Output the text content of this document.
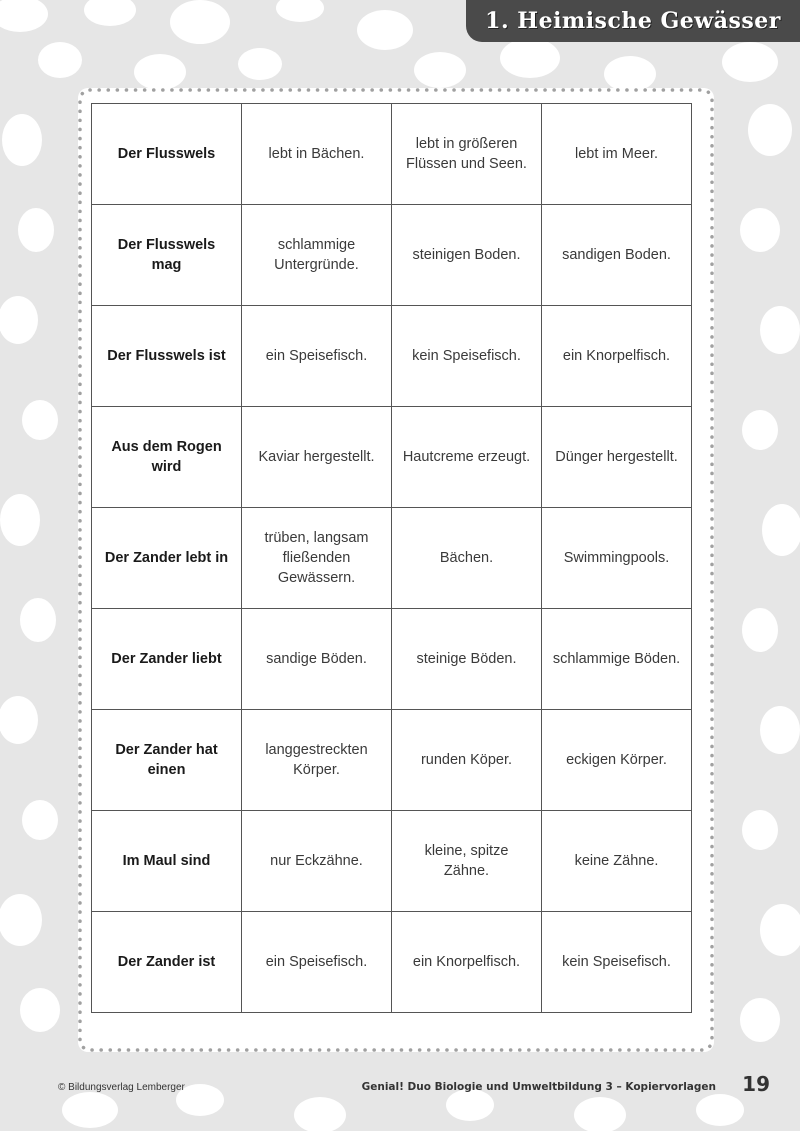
1. Heimische Gewässer
Der Flusswels	lebt in Bächen.	lebt in größeren Flüssen und Seen.	lebt im Meer.
Der Flusswels mag	schlammige Untergründe.	steinigen Boden.	sandigen Boden.
Der Flusswels ist	ein Speisefisch.	kein Speisefisch.	ein Knorpelfisch.
Aus dem Rogen wird	Kaviar hergestellt.	Hautcreme erzeugt.	Dünger hergestellt.
Der Zander lebt in	trüben, langsam fließenden Gewässern.	Bächen.	Swimmingpools.
Der Zander liebt	sandige Böden.	steinige Böden.	schlammige Böden.
Der Zander hat einen	langgestreckten Körper.	runden Köper.	eckigen Körper.
Im Maul sind	nur Eckzähne.	kleine, spitze Zähne.	keine Zähne.
Der Zander ist	ein Speisefisch.	ein Knorpelfisch.	kein Speisefisch.
© Bildungsverlag Lemberger	Genial! Duo Biologie und Umweltbildung 3 – Kopiervorlagen 19
